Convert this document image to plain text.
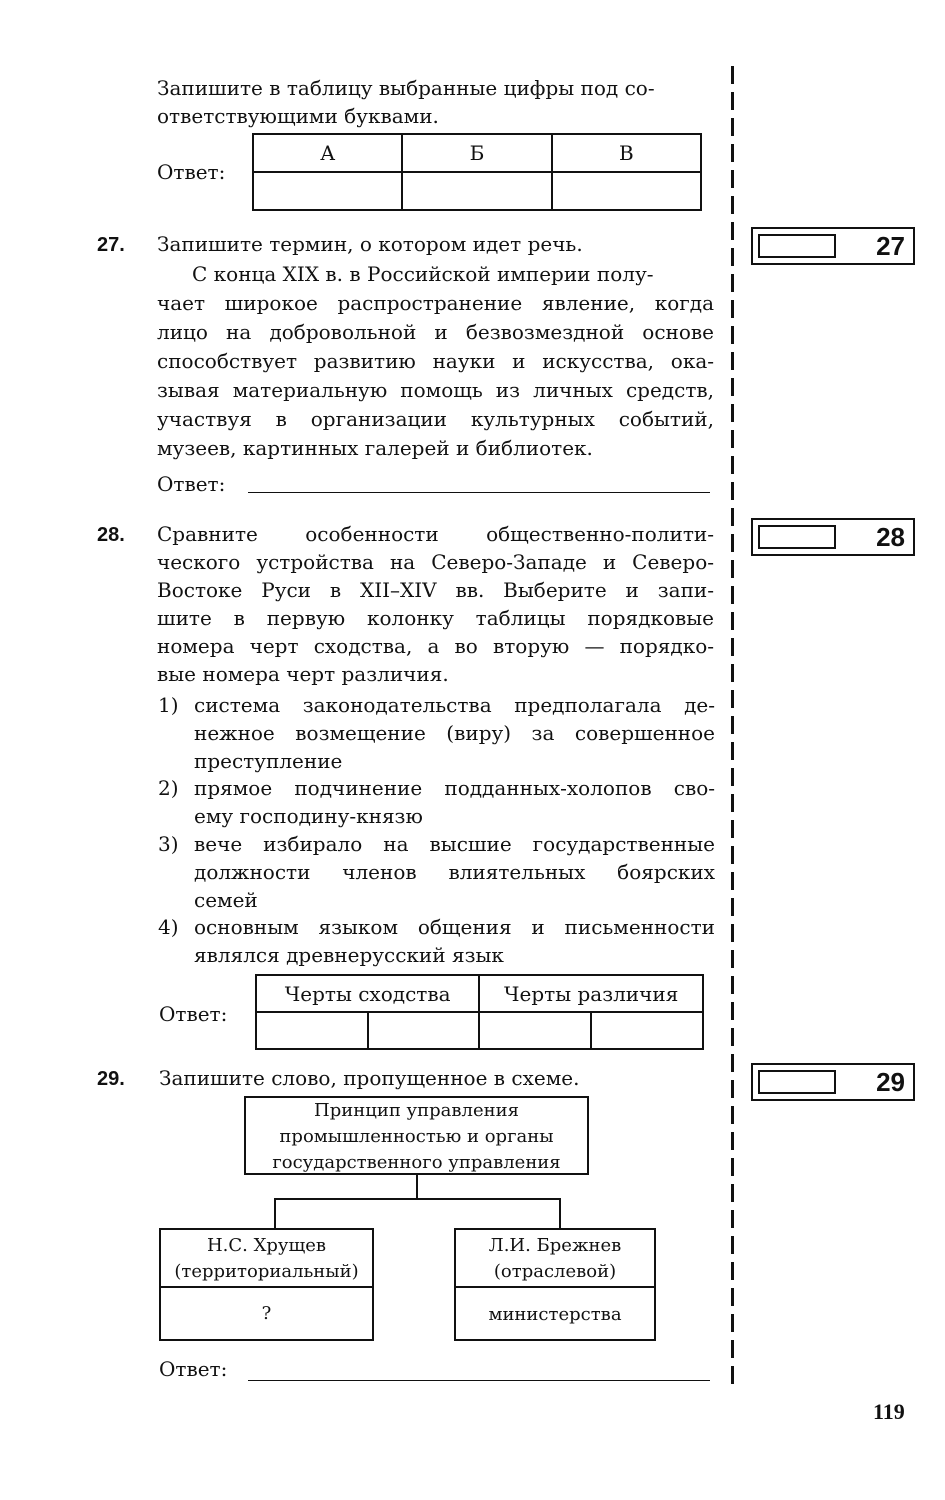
Запишите в таблицу выбранные цифры под со-
ответствующими буквами.
Ответ:
А	Б	В

27. Запишите термин, о котором идет речь.	27
С конца XIX в. в Российской империи полу-
чает широкое распространение явление, когда
лицо на добровольной и безвозмездной основе
способствует развитию науки и искусства, ока-
зывая материальную помощь из личных средств,
участвуя в организации культурных событий,
музеев, картинных галерей и библиотек.
Ответ:
28.	28
Сравните особенности общественно-полити-
ческого устройства на Северо-Западе и Северо-
Востоке Руси в XII–XIV вв. Выберите и запи-
шите в первую колонку таблицы порядковые
номера черт сходства, а во вторую — порядко-
вые номера черт различия.
1) система законодательства предполагала де-
нежное возмещение (виру) за совершенное
преступление
2) прямое подчинение подданных-холопов сво-
ему господину-князю
3) вече избирало на высшие государственные
должности членов влиятельных боярских
семей
4) основным языком общения и письменности
являлся древнерусский язык
Ответ:
Черты сходства		Черты различия	

29. Запишите слово, пропущенное в схеме.	29
Принцип управления
промышленностью и органы
государственного управления
Н.С. Хрущев
(территориальный)
?
Л.И. Брежнев
(отраслевой)
министерства
Ответ:
119
